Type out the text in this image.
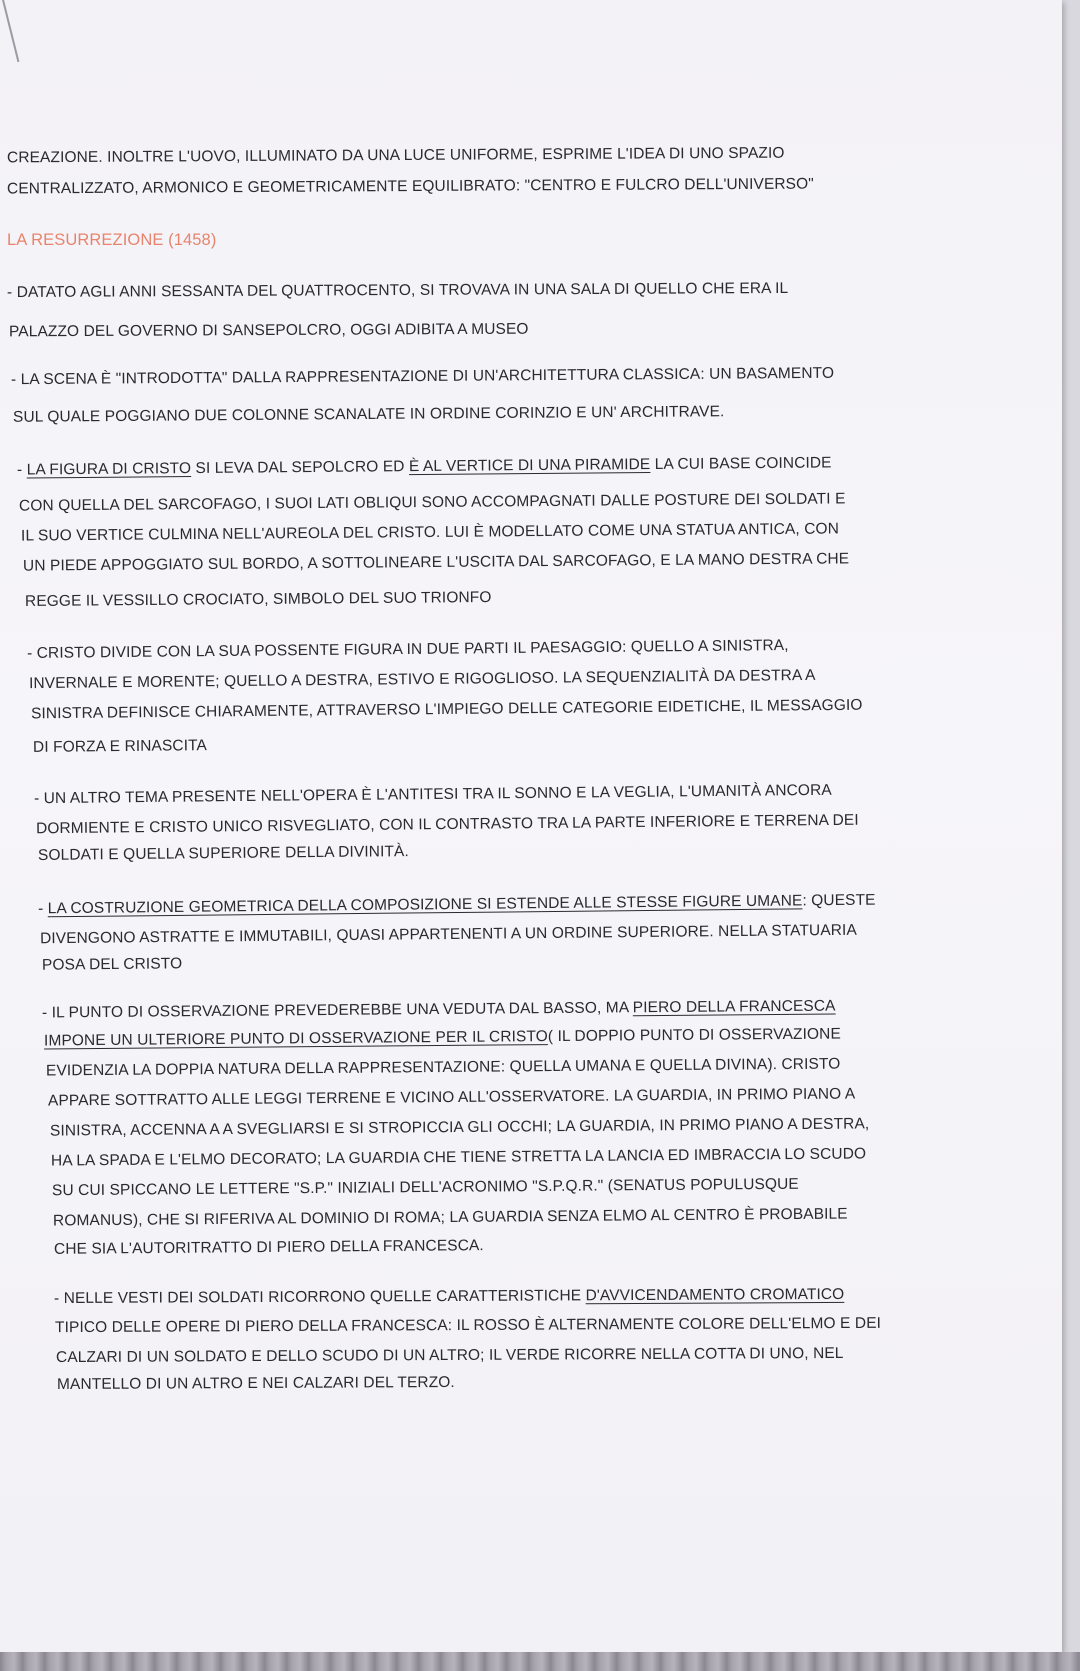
CREAZIONE. INOLTRE L'UOVO, ILLUMINATO DA UNA LUCE UNIFORME, ESPRIME L'IDEA DI UNO SPAZIO
CENTRALIZZATO, ARMONICO E GEOMETRICAMENTE EQUILIBRATO: "CENTRO E FULCRO DELL'UNIVERSO"
LA RESURREZIONE (1458)
- DATATO AGLI ANNI SESSANTA DEL QUATTROCENTO, SI TROVAVA IN UNA SALA DI QUELLO CHE ERA IL
PALAZZO DEL GOVERNO DI SANSEPOLCRO, OGGI ADIBITA A MUSEO
- LA SCENA È "INTRODOTTA" DALLA RAPPRESENTAZIONE DI UN'ARCHITETTURA CLASSICA: UN BASAMENTO
SUL QUALE POGGIANO DUE COLONNE SCANALATE IN ORDINE CORINZIO E UN' ARCHITRAVE.
- LA FIGURA DI CRISTO SI LEVA DAL SEPOLCRO ED È AL VERTICE DI UNA PIRAMIDE LA CUI BASE COINCIDE
CON QUELLA DEL SARCOFAGO, I SUOI LATI OBLIQUI SONO ACCOMPAGNATI DALLE POSTURE DEI SOLDATI E
IL SUO VERTICE CULMINA NELL'AUREOLA DEL CRISTO. LUI È MODELLATO COME UNA STATUA ANTICA, CON
UN PIEDE APPOGGIATO SUL BORDO, A SOTTOLINEARE L'USCITA DAL SARCOFAGO, E LA MANO DESTRA CHE
REGGE IL VESSILLO CROCIATO, SIMBOLO DEL SUO TRIONFO
- CRISTO DIVIDE CON LA SUA POSSENTE FIGURA IN DUE PARTI IL PAESAGGIO: QUELLO A SINISTRA,
INVERNALE E MORENTE; QUELLO A DESTRA, ESTIVO E RIGOGLIOSO. LA SEQUENZIALITÀ DA DESTRA A
SINISTRA DEFINISCE CHIARAMENTE, ATTRAVERSO L'IMPIEGO DELLE CATEGORIE EIDETICHE, IL MESSAGGIO
DI FORZA E RINASCITA
- UN ALTRO TEMA PRESENTE NELL'OPERA È L'ANTITESI TRA IL SONNO E LA VEGLIA, L'UMANITÀ ANCORA
DORMIENTE E CRISTO UNICO RISVEGLIATO, CON IL CONTRASTO TRA LA PARTE INFERIORE E TERRENA DEI
SOLDATI E QUELLA SUPERIORE DELLA DIVINITÀ.
- LA COSTRUZIONE GEOMETRICA DELLA COMPOSIZIONE SI ESTENDE ALLE STESSE FIGURE UMANE: QUESTE
DIVENGONO ASTRATTE E IMMUTABILI, QUASI APPARTENENTI A UN ORDINE SUPERIORE. NELLA STATUARIA
POSA DEL CRISTO
- IL PUNTO DI OSSERVAZIONE PREVEDEREBBE UNA VEDUTA DAL BASSO, MA PIERO DELLA FRANCESCA
IMPONE UN ULTERIORE PUNTO DI OSSERVAZIONE PER IL CRISTO( IL DOPPIO PUNTO DI OSSERVAZIONE
EVIDENZIA LA DOPPIA NATURA DELLA RAPPRESENTAZIONE: QUELLA UMANA E QUELLA DIVINA). CRISTO
APPARE SOTTRATTO ALLE LEGGI TERRENE E VICINO ALL'OSSERVATORE. LA GUARDIA, IN PRIMO PIANO A
SINISTRA, ACCENNA A A SVEGLIARSI E SI STROPICCIA GLI OCCHI; LA GUARDIA, IN PRIMO PIANO A DESTRA,
HA LA SPADA E L'ELMO DECORATO; LA GUARDIA CHE TIENE STRETTA LA LANCIA ED IMBRACCIA LO SCUDO
SU CUI SPICCANO LE LETTERE "S.P." INIZIALI DELL'ACRONIMO "S.P.Q.R." (SENATUS POPULUSQUE
ROMANUS), CHE SI RIFERIVA AL DOMINIO DI ROMA; LA GUARDIA SENZA ELMO AL CENTRO È PROBABILE
CHE SIA L'AUTORITRATTO DI PIERO DELLA FRANCESCA.
- NELLE VESTI DEI SOLDATI RICORRONO QUELLE CARATTERISTICHE D'AVVICENDAMENTO CROMATICO
TIPICO DELLE OPERE DI PIERO DELLA FRANCESCA: IL ROSSO È ALTERNAMENTE COLORE DELL'ELMO E DEI
CALZARI DI UN SOLDATO E DELLO SCUDO DI UN ALTRO; IL VERDE RICORRE NELLA COTTA DI UNO, NEL
MANTELLO DI UN ALTRO E NEI CALZARI DEL TERZO.
